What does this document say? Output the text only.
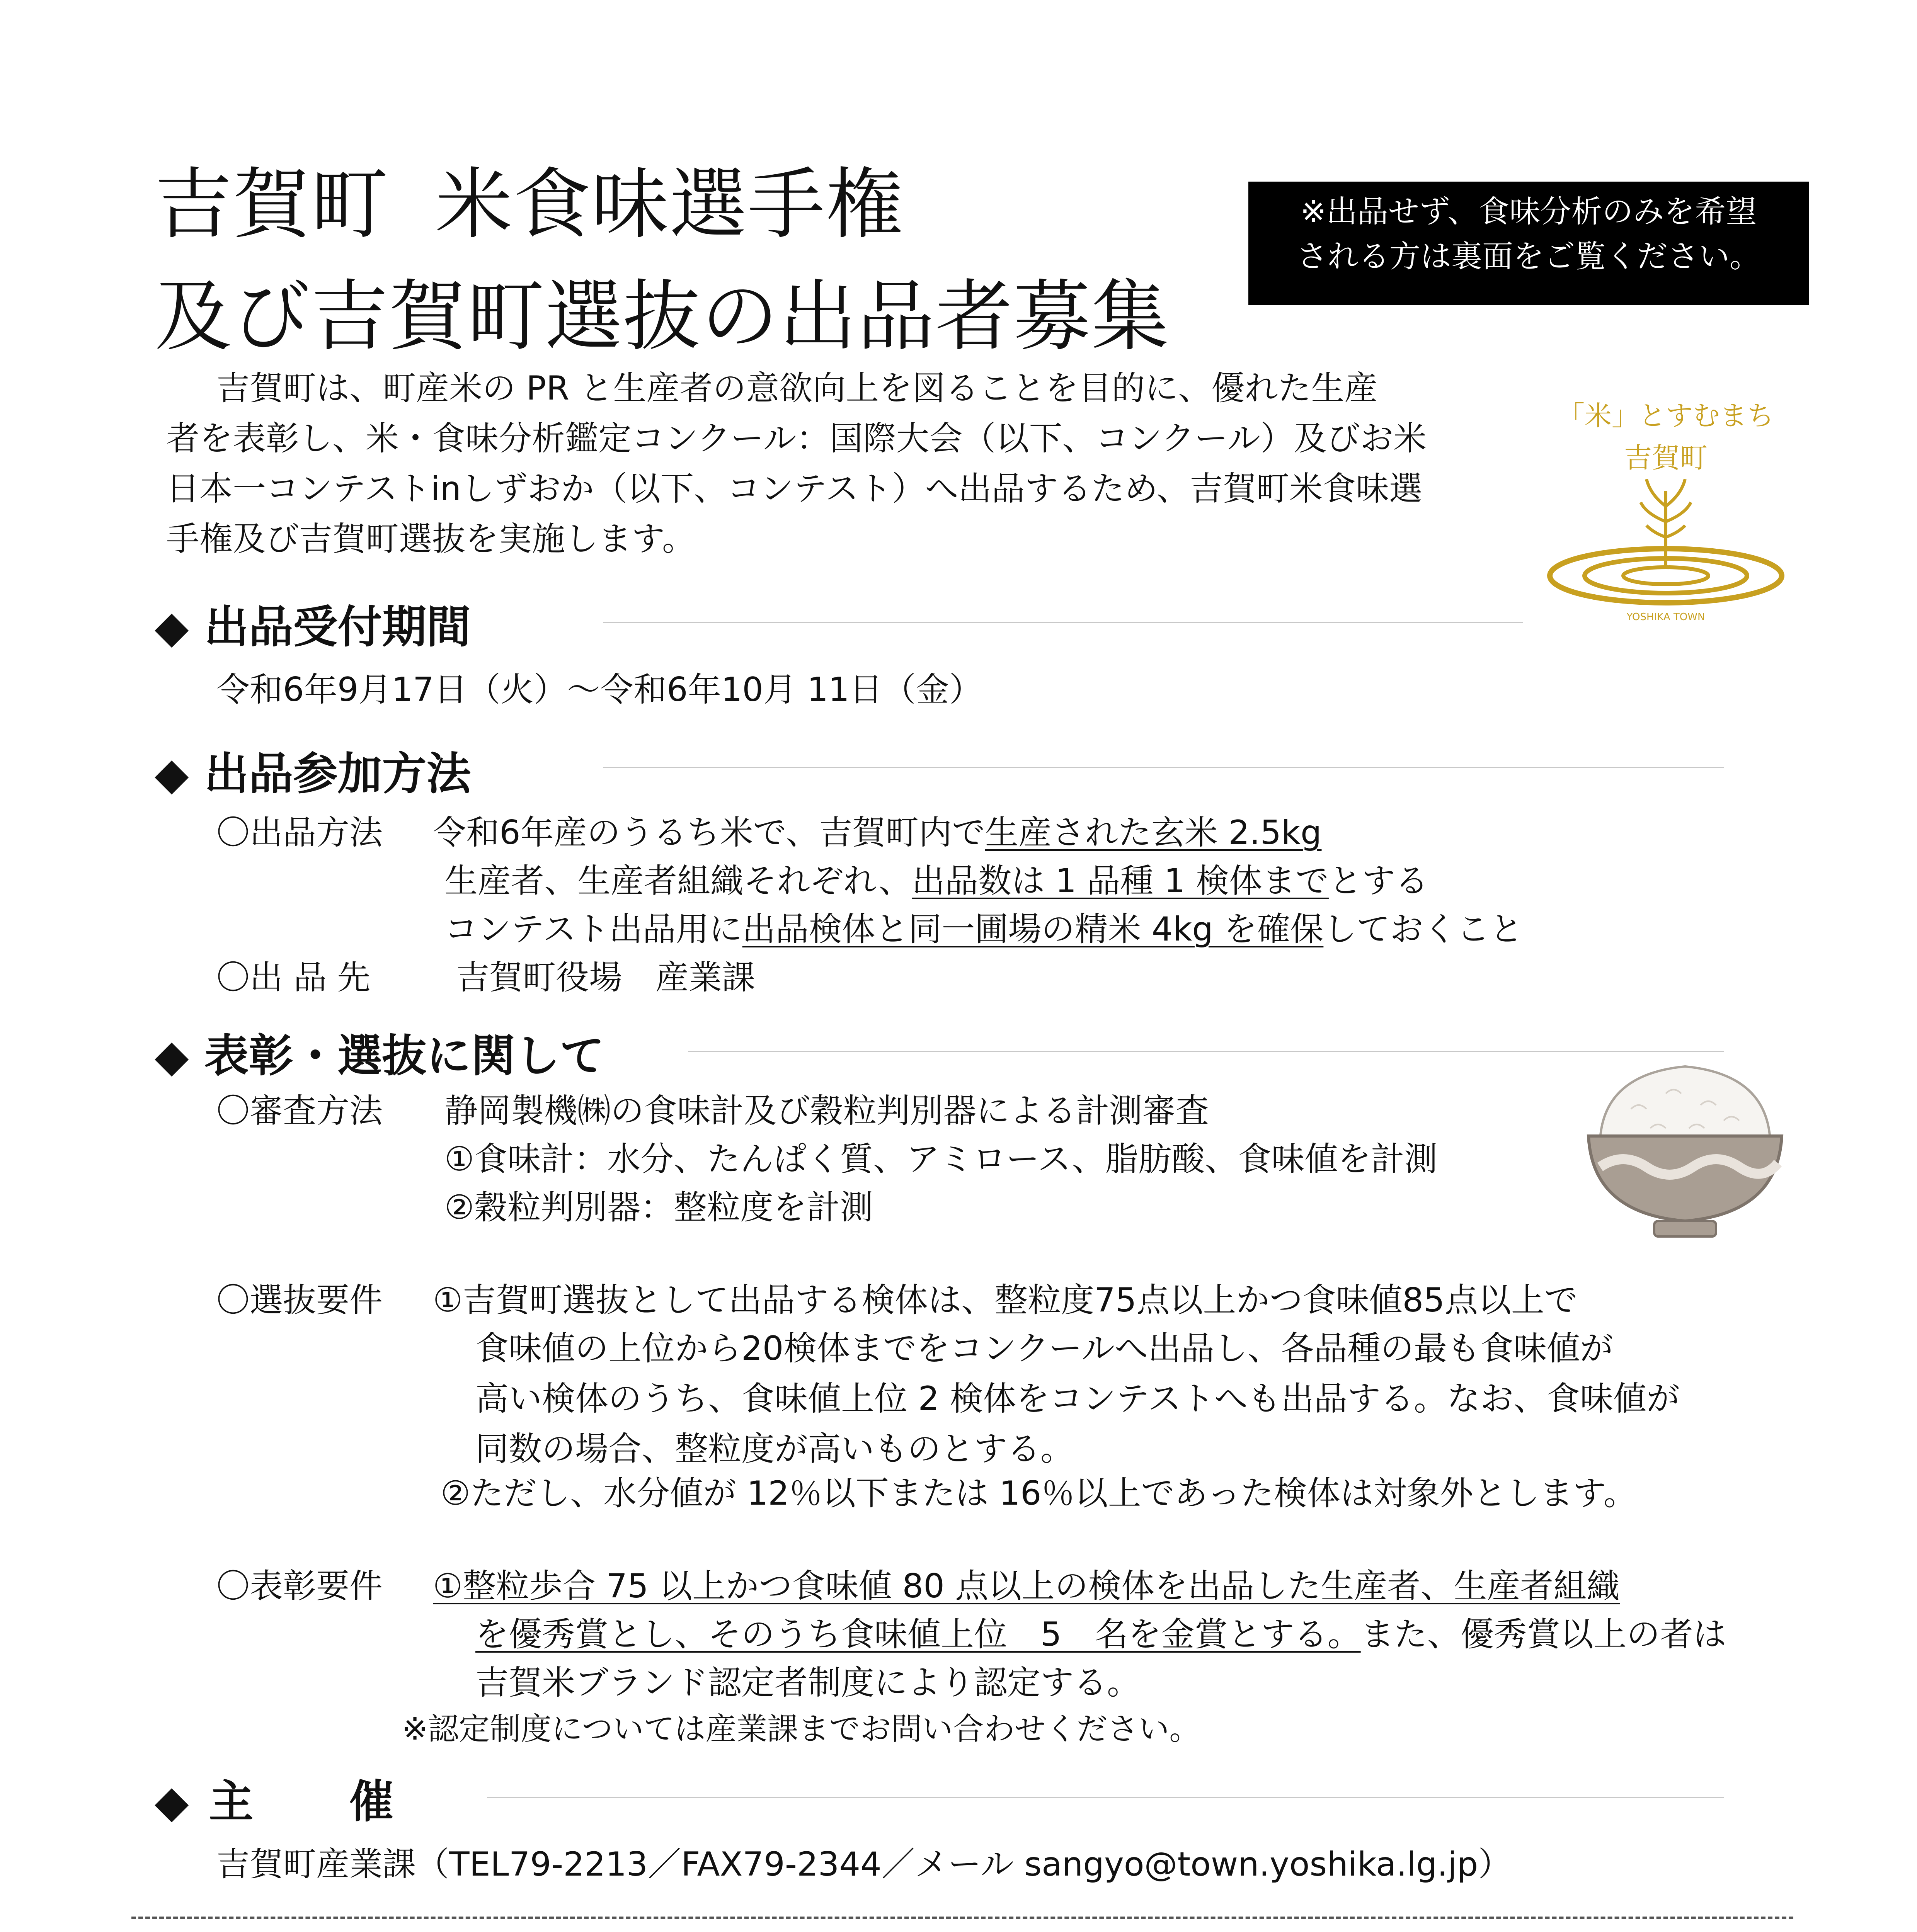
吉賀町 米食味選手権
及び吉賀町選抜の出品者募集
※出品せず、食味分析のみを希望
される方は裏面をご覧ください。
「米」とすむまち
吉賀町
YOSHIKA TOWN
吉賀町は、町産米の PR と生産者の意欲向上を図ることを目的に、優れた生産
者を表彰し、米・食味分析鑑定コンクール：国際大会（以下、コンクール）及びお米
日本一コンテストinしずおか（以下、コンテスト）へ出品するため、吉賀町米食味選
手権及び吉賀町選抜を実施します。
◆ 出品受付期間
令和6年9月17日（火）～令和6年10月 11日（金）
◆ 出品参加方法
〇出品方法 令和6年産のうるち米で、吉賀町内で生産された玄米 2.5kg
生産者、生産者組織それぞれ、出品数は 1 品種 1 検体までとする
コンテスト出品用に出品検体と同一圃場の精米 4kg を確保しておくこと
〇出 品 先	吉賀町役場　産業課
◆ 表彰・選抜に関して
〇審査方法 静岡製機㈱の食味計及び穀粒判別器による計測審査
①食味計：水分、たんぱく質、アミロース、脂肪酸、食味値を計測
②穀粒判別器：整粒度を計測
〇選抜要件 ①吉賀町選抜として出品する検体は、整粒度75点以上かつ食味値85点以上で
食味値の上位から20検体までをコンクールへ出品し、各品種の最も食味値が
高い検体のうち、食味値上位 2 検体をコンテストへも出品する。なお、食味値が
同数の場合、整粒度が高いものとする。
②ただし、水分値が 12％以下または 16％以上であった検体は対象外とします。
〇表彰要件 ①整粒歩合 75 以上かつ食味値 80 点以上の検体を出品した生産者、生産者組織
を優秀賞とし、そのうち食味値上位　5　名を金賞とする。また、優秀賞以上の者は
吉賀米ブランド認定者制度により認定する。
※認定制度については産業課までお問い合わせください。
◆ 主　　催
吉賀町産業課（TEL79-2213／FAX79-2344／メール sangyo@town.yoshika.lg.jp）
